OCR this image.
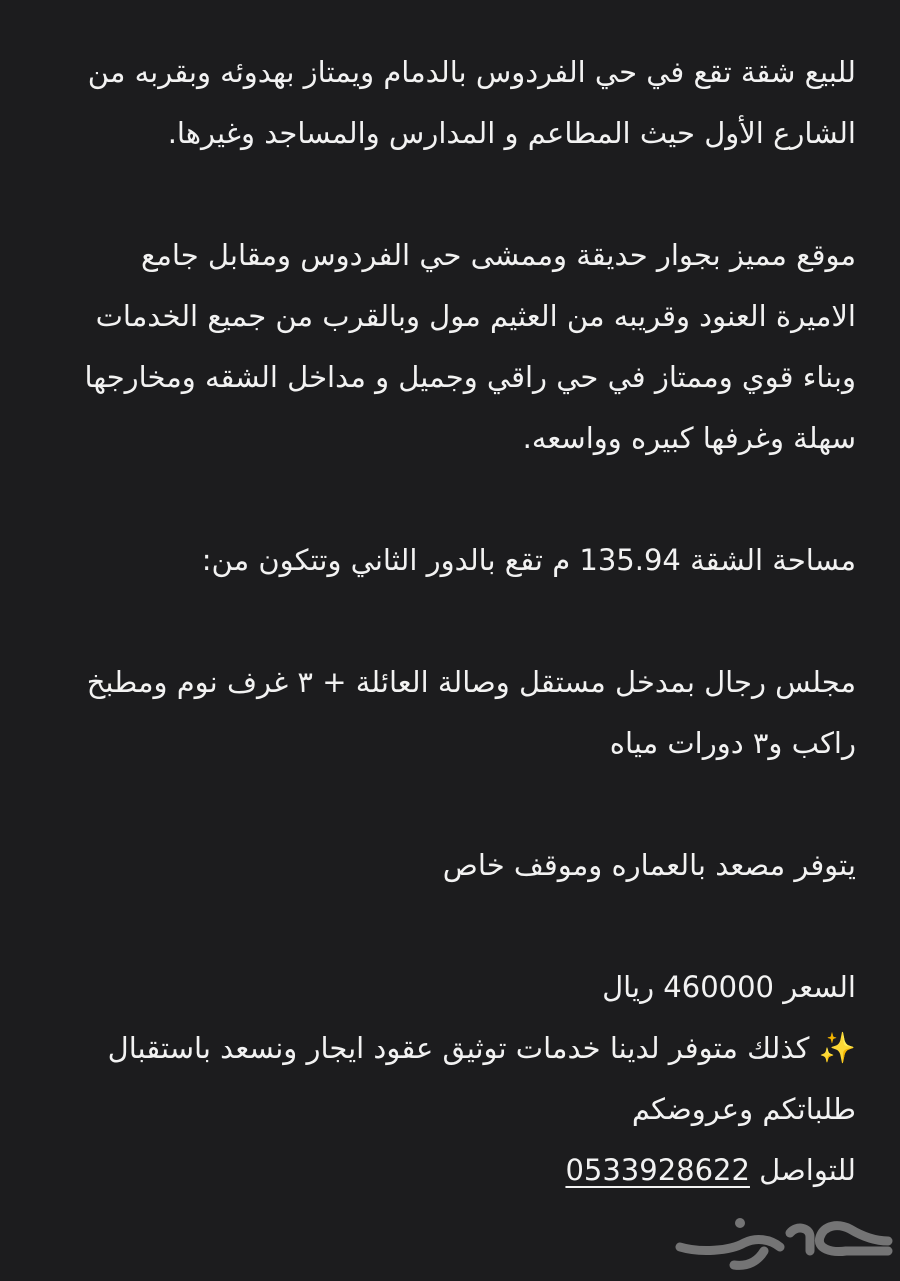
للبيع شقة تقع في حي الفردوس بالدمام ويمتاز بهدوئه وبقربه من
الشارع الأول حيث المطاعم و المدارس والمساجد وغيرها.
موقع مميز بجوار حديقة وممشى حي الفردوس ومقابل جامع
الاميرة العنود وقريبه من العثيم مول وبالقرب من جميع الخدمات
وبناء قوي وممتاز في حي راقي وجميل و مداخل الشقه ومخارجها
سهلة وغرفها كبيره وواسعه.
مساحة الشقة 135.94 م تقع بالدور الثاني وتتكون من:
مجلس رجال بمدخل مستقل وصالة العائلة + ٣ غرف نوم ومطبخ
راكب و٣ دورات مياه
يتوفر مصعد بالعماره وموقف خاص
السعر 460000 ريال
✨ كذلك متوفر لدينا خدمات توثيق عقود ايجار ونسعد باستقبال
طلباتكم وعروضكم
للتواصل 0533928622
